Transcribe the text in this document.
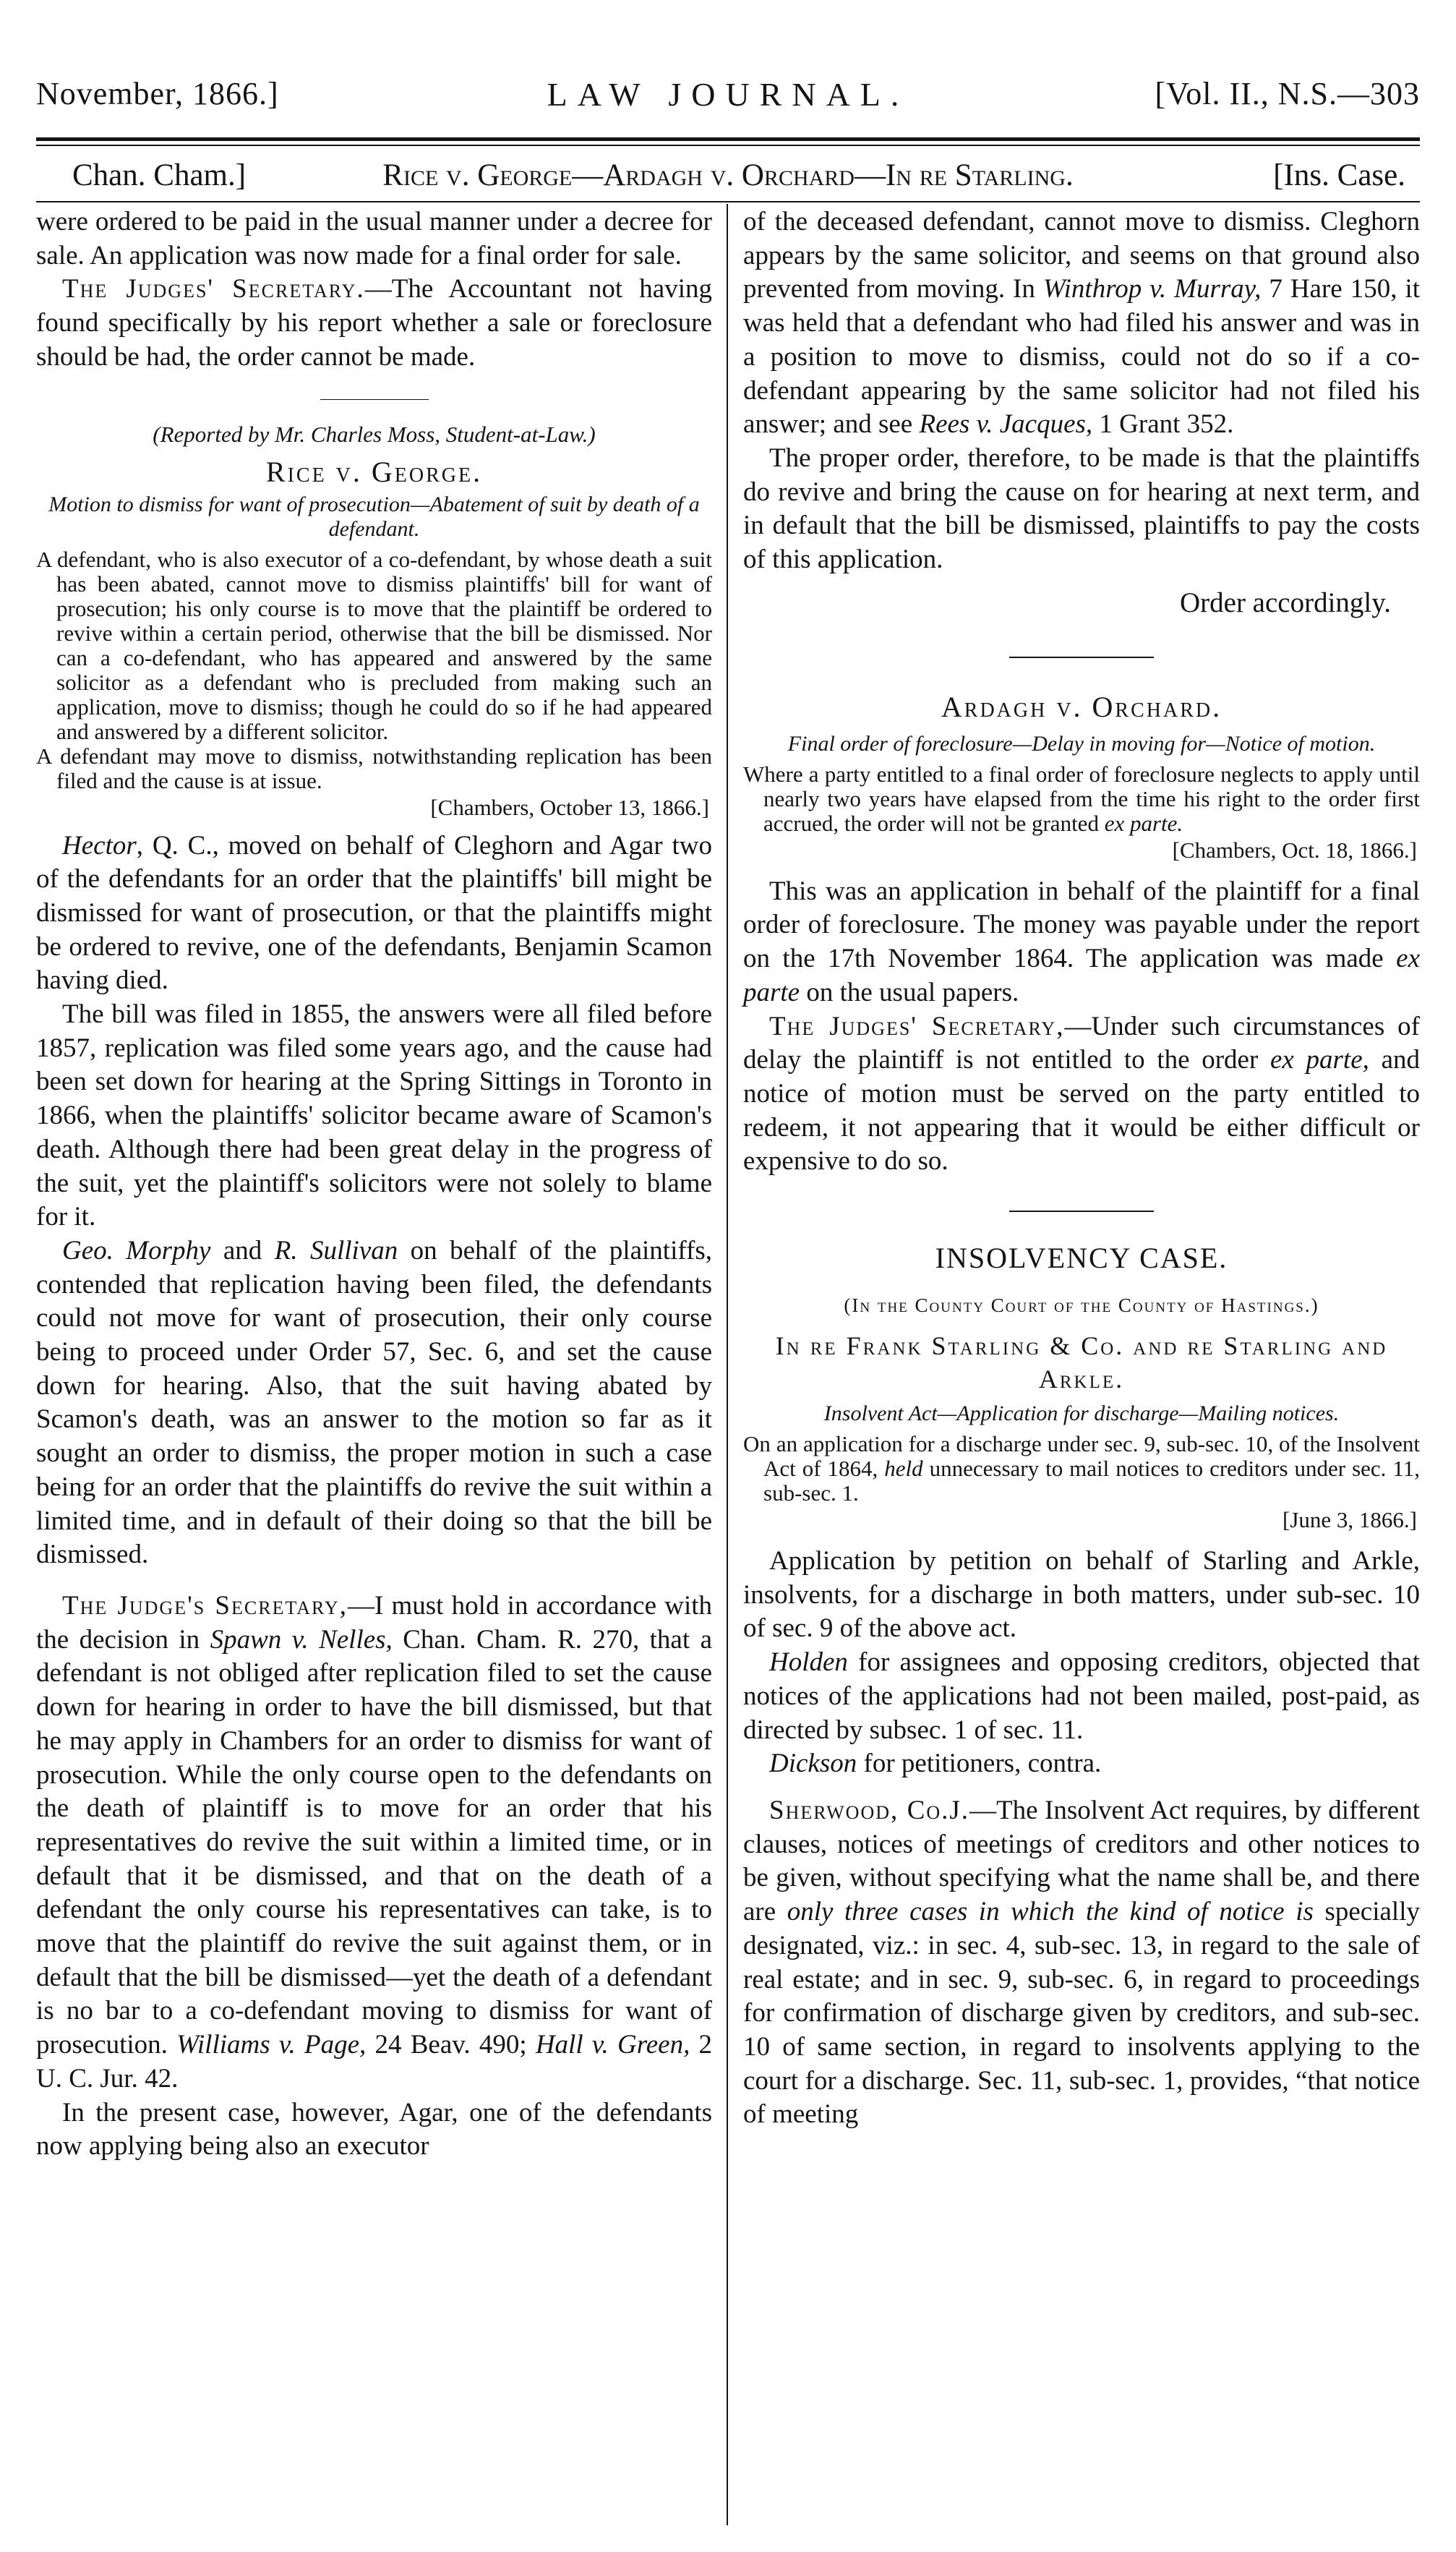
November, 1866.]	LAW JOURNAL.	[Vol. II., N.S.—303
Chan. Cham.]	Rice v. George—Ardagh v. Orchard—In re Starling.	[Ins. Case.

were ordered to be paid in the usual manner under a decree for sale. An application was now made for a final order for sale.

The Judges' Secretary.—The Accountant not having found specifically by his report whether a sale or foreclosure should be had, the order cannot be made.

(Reported by Mr. Charles Moss, Student-at-Law.)

Rice v. George.

Motion to dismiss for want of prosecution—Abatement of suit by death of a defendant.

A defendant, who is also executor of a co-defendant, by whose death a suit has been abated, cannot move to dismiss plaintiffs' bill for want of prosecution; his only course is to move that the plaintiff be ordered to revive within a certain period, otherwise that the bill be dismissed. Nor can a co-defendant, who has appeared and answered by the same solicitor as a defendant who is precluded from making such an application, move to dismiss; though he could do so if he had appeared and answered by a different solicitor.

A defendant may move to dismiss, notwithstanding replication has been filed and the cause is at issue.

[Chambers, October 13, 1866.]

Hector, Q. C., moved on behalf of Cleghorn and Agar two of the defendants for an order that the plaintiffs' bill might be dismissed for want of prosecution, or that the plaintiffs might be ordered to revive, one of the defendants, Benjamin Scamon having died.

The bill was filed in 1855, the answers were all filed before 1857, replication was filed some years ago, and the cause had been set down for hearing at the Spring Sittings in Toronto in 1866, when the plaintiffs' solicitor became aware of Scamon's death. Although there had been great delay in the progress of the suit, yet the plaintiff's solicitors were not solely to blame for it.

Geo. Morphy and R. Sullivan on behalf of the plaintiffs, contended that replication having been filed, the defendants could not move for want of prosecution, their only course being to proceed under Order 57, Sec. 6, and set the cause down for hearing. Also, that the suit having abated by Scamon's death, was an answer to the motion so far as it sought an order to dismiss, the proper motion in such a case being for an order that the plaintiffs do revive the suit within a limited time, and in default of their doing so that the bill be dismissed.

The Judge's Secretary,—I must hold in accordance with the decision in Spawn v. Nelles, Chan. Cham. R. 270, that a defendant is not obliged after replication filed to set the cause down for hearing in order to have the bill dismissed, but that he may apply in Chambers for an order to dismiss for want of prosecution. While the only course open to the defendants on the death of plaintiff is to move for an order that his representatives do revive the suit within a limited time, or in default that it be dismissed, and that on the death of a defendant the only course his representatives can take, is to move that the plaintiff do revive the suit against them, or in default that the bill be dismissed—yet the death of a defendant is no bar to a co-defendant moving to dismiss for want of prosecution. Williams v. Page, 24 Beav. 490; Hall v. Green, 2 U. C. Jur. 42.

In the present case, however, Agar, one of the defendants now applying being also an executor

of the deceased defendant, cannot move to dismiss. Cleghorn appears by the same solicitor, and seems on that ground also prevented from moving. In Winthrop v. Murray, 7 Hare 150, it was held that a defendant who had filed his answer and was in a position to move to dismiss, could not do so if a co-defendant appearing by the same solicitor had not filed his answer; and see Rees v. Jacques, 1 Grant 352.

The proper order, therefore, to be made is that the plaintiffs do revive and bring the cause on for hearing at next term, and in default that the bill be dismissed, plaintiffs to pay the costs of this application.

Order accordingly.

Ardagh v. Orchard.

Final order of foreclosure—Delay in moving for—Notice of motion.

Where a party entitled to a final order of foreclosure neglects to apply until nearly two years have elapsed from the time his right to the order first accrued, the order will not be granted ex parte.

[Chambers, Oct. 18, 1866.]

This was an application in behalf of the plaintiff for a final order of foreclosure. The money was payable under the report on the 17th November 1864. The application was made ex parte on the usual papers.

The Judges' Secretary,—Under such circumstances of delay the plaintiff is not entitled to the order ex parte, and notice of motion must be served on the party entitled to redeem, it not appearing that it would be either difficult or expensive to do so.

INSOLVENCY CASE.

(In the County Court of the County of Hastings.)

In re Frank Starling & Co. and re Starling and Arkle.

Insolvent Act—Application for discharge—Mailing notices.

On an application for a discharge under sec. 9, sub-sec. 10, of the Insolvent Act of 1864, held unnecessary to mail notices to creditors under sec. 11, sub-sec. 1.

[June 3, 1866.]

Application by petition on behalf of Starling and Arkle, insolvents, for a discharge in both matters, under sub-sec. 10 of sec. 9 of the above act.

Holden for assignees and opposing creditors, objected that notices of the applications had not been mailed, post-paid, as directed by subsec. 1 of sec. 11.

Dickson for petitioners, contra.

Sherwood, Co.J.—The Insolvent Act requires, by different clauses, notices of meetings of creditors and other notices to be given, without specifying what the name shall be, and there are only three cases in which the kind of notice is specially designated, viz.: in sec. 4, sub-sec. 13, in regard to the sale of real estate; and in sec. 9, sub-sec. 6, in regard to proceedings for confirmation of discharge given by creditors, and sub-sec. 10 of same section, in regard to insolvents applying to the court for a discharge. Sec. 11, sub-sec. 1, provides, “that notice of meeting
